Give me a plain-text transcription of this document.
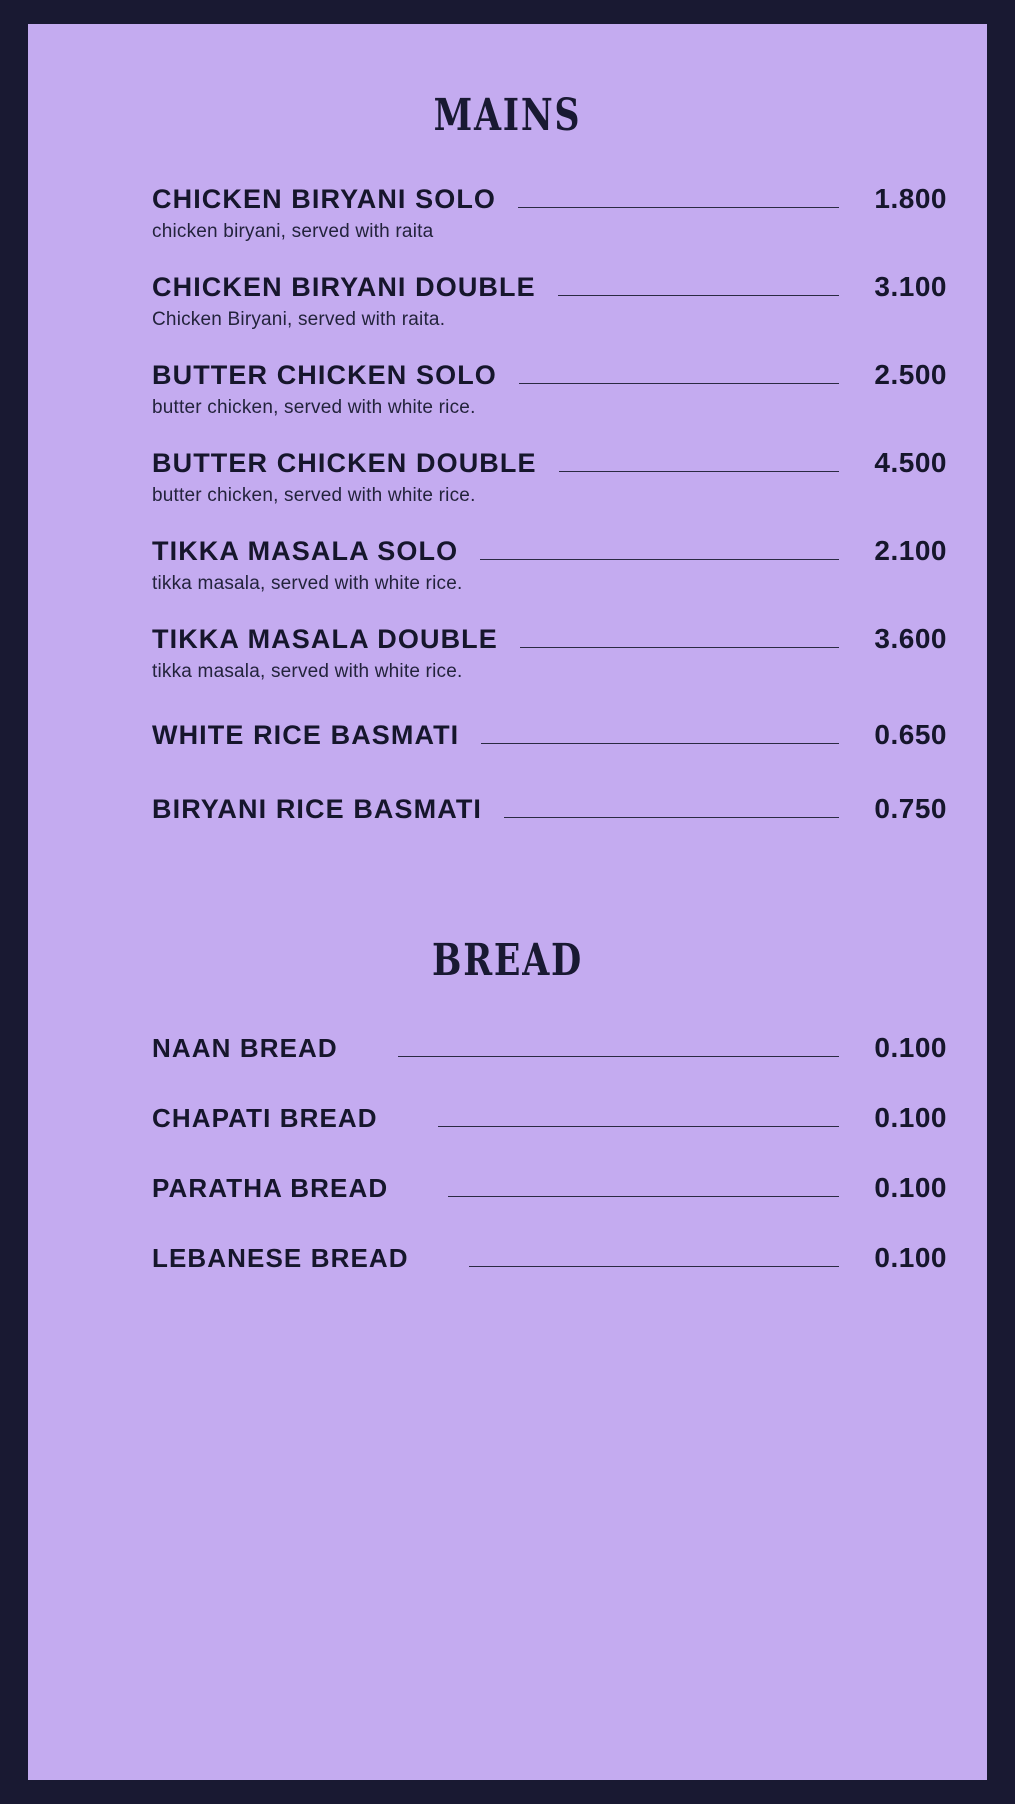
MAINS
CHICKEN BIRYANI SOLO	1.800
chicken biryani, served with raita
CHICKEN BIRYANI DOUBLE	3.100
Chicken Biryani, served with raita.
BUTTER CHICKEN SOLO	2.500
butter chicken, served with white rice.
BUTTER CHICKEN DOUBLE	4.500
butter chicken, served with white rice.
TIKKA MASALA SOLO	2.100
tikka masala, served with white rice.
TIKKA MASALA DOUBLE	3.600
tikka masala, served with white rice.
WHITE RICE BASMATI	0.650
BIRYANI RICE BASMATI	0.750
BREAD
NAAN BREAD	0.100
CHAPATI BREAD	0.100
PARATHA BREAD	0.100
LEBANESE BREAD	0.100
